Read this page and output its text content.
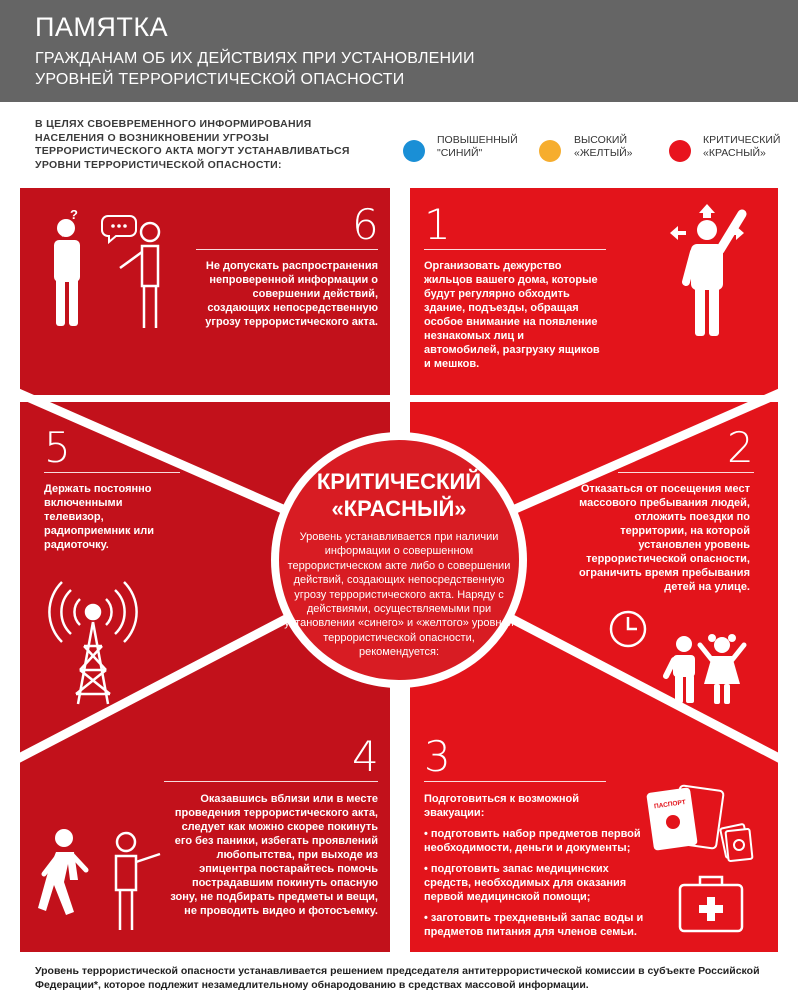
ПАМЯТКА
ГРАЖДАНАМ ОБ ИХ ДЕЙСТВИЯХ ПРИ УСТАНОВЛЕНИИ
УРОВНЕЙ ТЕРРОРИСТИЧЕСКОЙ ОПАСНОСТИ
В ЦЕЛЯХ СВОЕВРЕМЕННОГО ИНФОРМИРОВАНИЯ НАСЕЛЕНИЯ О ВОЗНИКНОВЕНИИ УГРОЗЫ ТЕРРОРИСТИЧЕСКОГО АКТА МОГУТ УСТАНАВЛИВАТЬСЯ УРОВНИ ТЕРРОРИСТИЧЕСКОЙ ОПАСНОСТИ:
ПОВЫШЕННЫЙ
"СИНИЙ"
ВЫСОКИЙ
«ЖЕЛТЫЙ»
КРИТИЧЕСКИЙ
«КРАСНЫЙ»
?
×
ПАСПОРТ
6
Не допускать распространения непроверенной информации о совершении действий, создающих непосредственную угрозу террористического акта.
1
Организовать дежурство жильцов вашего дома, которые будут регулярно обходить здание, подъезды, обращая особое внимание на появление незнакомых лиц и автомобилей, разгрузку ящиков и мешков.
5
Держать постоянно включенными телевизор, радиоприемник или радиоточку.
2
Отказаться от посещения мест массового пребывания людей, отложить поездки по территории, на которой установлен уровень террористической опасности, ограничить время пребывания детей на улице.
КРИТИЧЕСКИЙ
«КРАСНЫЙ»
Уровень устанавливается при наличии информации о совершенном террористическом акте либо о совершении действий, создающих непосредственную угрозу террористического акта. Наряду с действиями, осуществляемыми при установлении «синего» и «желтого» уровней террористической опасности, рекомендуется:
4
Оказавшись вблизи или в месте проведения террористического акта, следует как можно скорее покинуть его без паники, избегать проявлений любопытства, при выходе из эпицентра постарайтесь помочь пострадавшим покинуть опасную зону, не подбирать предметы и вещи, не проводить видео и фотосъемку.
3

Подготовиться к возможной эвакуации:

• подготовить набор предметов первой необходимости, деньги и документы;

• подготовить запас медицинских средств, необходимых для оказания первой медицинской помощи;

• заготовить трехдневный запас воды и предметов питания для членов семьи.

Уровень террористической опасности устанавливается решением председателя антитеррористической комиссии в субъекте Российской Федерации*, которое подлежит незамедлительному обнародованию в средствах массовой информации.
